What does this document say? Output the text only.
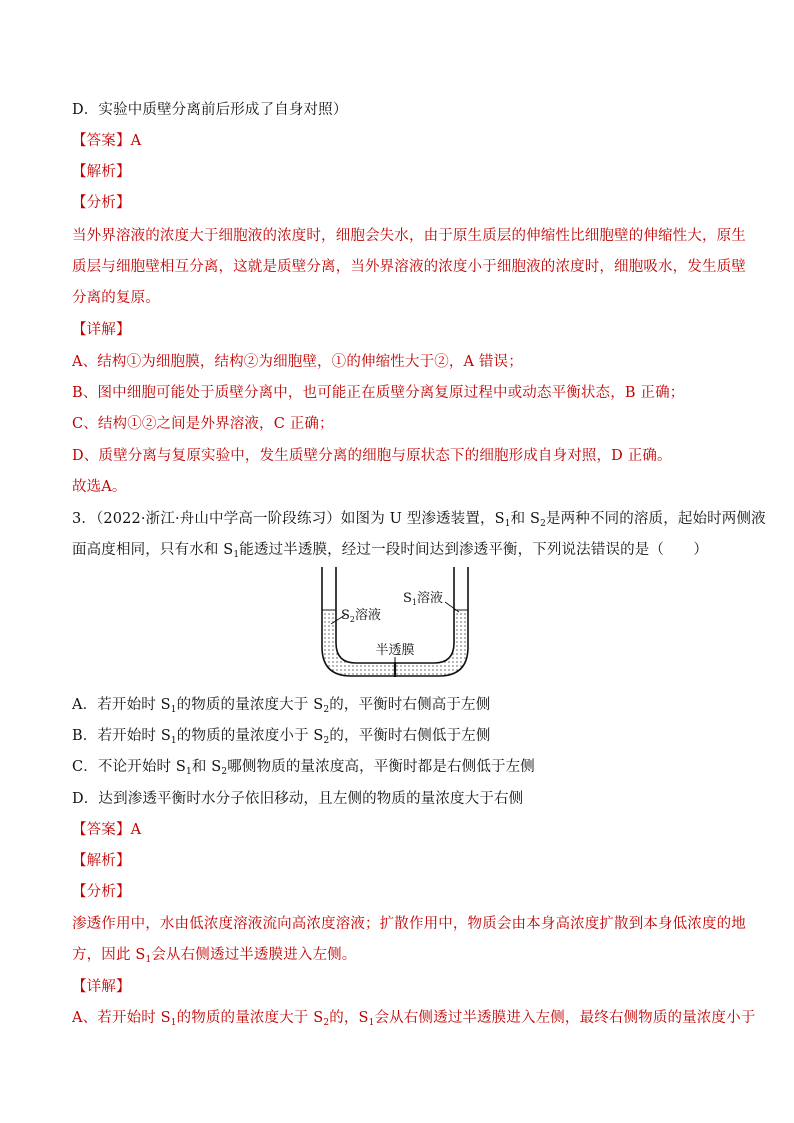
D．实验中质壁分离前后形成了自身对照）
【答案】A
【解析】
【分析】
当外界溶液的浓度大于细胞液的浓度时，细胞会失水，由于原生质层的伸缩性比细胞壁的伸缩性大，原生
质层与细胞壁相互分离，这就是质壁分离，当外界溶液的浓度小于细胞液的浓度时，细胞吸水，发生质壁
分离的复原。
【详解】
A、结构①为细胞膜，结构②为细胞壁，①的伸缩性大于②，A 错误；
B、图中细胞可能处于质壁分离中，也可能正在质壁分离复原过程中或动态平衡状态，B 正确；
C、结构①②之间是外界溶液，C 正确；
D、质壁分离与复原实验中，发生质壁分离的细胞与原状态下的细胞形成自身对照，D 正确。
故选A。
3．（2022·浙江·舟山中学高一阶段练习）如图为 U 型渗透装置，$S_1$和 $S_2$是两种不同的溶质，起始时两侧液
面高度相同，只有水和 $S_1$能透过半透膜，经过一段时间达到渗透平衡，下列说法错误的是（　　）
$S_2$溶液
$S_1$溶液
半透膜
A．若开始时 $S_1$的物质的量浓度大于 $S_2$的，平衡时右侧高于左侧
B．若开始时 $S_1$的物质的量浓度小于 $S_2$的，平衡时右侧低于左侧
C．不论开始时 $S_1$和 $S_2$哪侧物质的量浓度高，平衡时都是右侧低于左侧
D．达到渗透平衡时水分子依旧移动，且左侧的物质的量浓度大于右侧
【答案】A
【解析】
【分析】
渗透作用中，水由低浓度溶液流向高浓度溶液；扩散作用中，物质会由本身高浓度扩散到本身低浓度的地
方，因此 $S_1$会从右侧透过半透膜进入左侧。
【详解】
A、若开始时 $S_1$的物质的量浓度大于 $S_2$的，$S_1$会从右侧透过半透膜进入左侧，最终右侧物质的量浓度小于
